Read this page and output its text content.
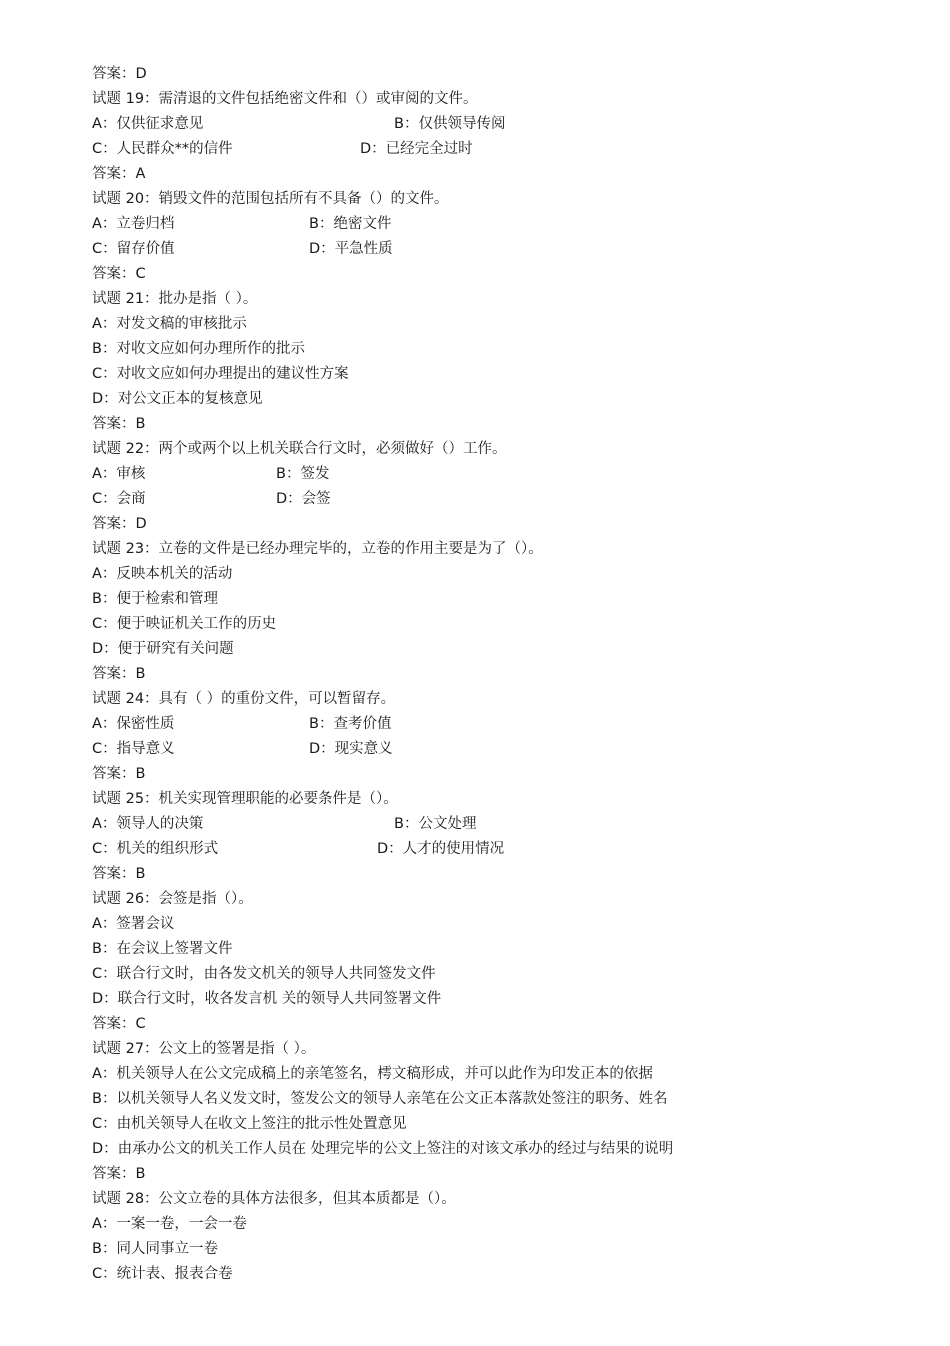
答案：D
试题 19：需清退的文件包括绝密文件和（）或审阅的文件。
A：仅供征求意见	B：仅供领导传阅
C：人民群众**的信件	D：已经完全过时
答案：A
试题 20：销毁文件的范围包括所有不具备（）的文件。
A：立卷归档	B：绝密文件
C：留存价值	D：平急性质
答案：C
试题 21：批办是指（ ）。
A：对发文稿的审核批示
B：对收文应如何办理所作的批示
C：对收文应如何办理提出的建议性方案
D：对公文正本的复核意见
答案：B
试题 22：两个或两个以上机关联合行文时，必须做好（）工作。
A：审核	B：签发
C：会商	D：会签
答案：D
试题 23：立卷的文件是已经办理完毕的，立卷的作用主要是为了（）。
A：反映本机关的活动
B：便于检索和管理
C：便于映证机关工作的历史
D：便于研究有关问题
答案：B
试题 24：具有（ ）的重份文件，可以暂留存。
A：保密性质	B：查考价值
C：指导意义	D：现实意义
答案：B
试题 25：机关实现管理职能的必要条件是（）。
A：领导人的决策	B：公文处理
C：机关的组织形式	D：人才的使用情况
答案：B
试题 26：会签是指（）。
A：签署会议
B：在会议上签署文件
C：联合行文时，由各发文机关的领导人共同签发文件
D：联合行文时，收各发言机 关的领导人共同签署文件
答案：C
试题 27：公文上的签署是指（ ）。
A：机关领导人在公文完成稿上的亲笔签名，樗文稿形成，并可以此作为印发正本的依据
B：以机关领导人名义发文时，签发公文的领导人亲笔在公文正本落款处签注的职务、姓名
C：由机关领导人在收文上签注的批示性处置意见
D：由承办公文的机关工作人员在 处理完毕的公文上签注的对该文承办的经过与结果的说明
答案：B
试题 28：公文立卷的具体方法很多，但其本质都是（）。
A：一案一卷，一会一卷
B：同人同事立一卷
C：统计表、报表合卷
